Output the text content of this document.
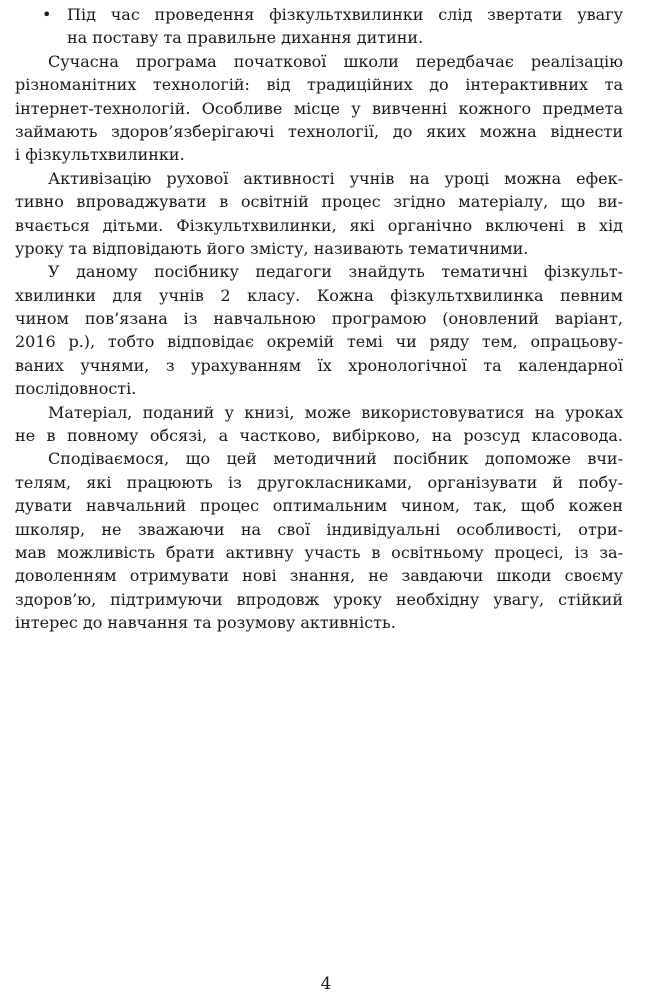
• Під час проведення фізкультхвилинки слід звертати увагу
на поставу та правильне дихання дитини.
Сучасна програма початкової школи передбачає реалізацію
різноманітних технологій: від традиційних до інтерактивних та
інтернет-технологій. Особливе місце у вивченні кожного предмета
займають здоров’язберігаючі технології, до яких можна віднести
і фізкультхвилинки.
Активізацію рухової активності учнів на уроці можна ефек-
тивно впроваджувати в освітній процес згідно матеріалу, що ви-
вчається дітьми. Фізкультхвилинки, які органічно включені в хід
уроку та відповідають його змісту, називають тематичними.
У даному посібнику педагоги знайдуть тематичні фізкульт-
хвилинки для учнів 2 класу. Кожна фізкультхвилинка певним
чином пов’язана із навчальною програмою (оновлений варіант,
2016 р.), тобто відповідає окремій темі чи ряду тем, опрацьову-
ваних учнями, з урахуванням їх хронологічної та календарної
послідовності.
Матеріал, поданий у книзі, може використовуватися на уроках
не в повному обсязі, а частково, вибірково, на розсуд класовода.
Сподіваємося, що цей методичний посібник допоможе вчи-
телям, які працюють із другокласниками, організувати й побу-
дувати навчальний процес оптимальним чином, так, щоб кожен
школяр, не зважаючи на свої індивідуальні особливості, отри-
мав можливість брати активну участь в освітньому процесі, із за-
доволенням отримувати нові знання, не завдаючи шкоди своєму
здоров’ю, підтримуючи впродовж уроку необхідну увагу, стійкий
інтерес до навчання та розумову активність.
4
